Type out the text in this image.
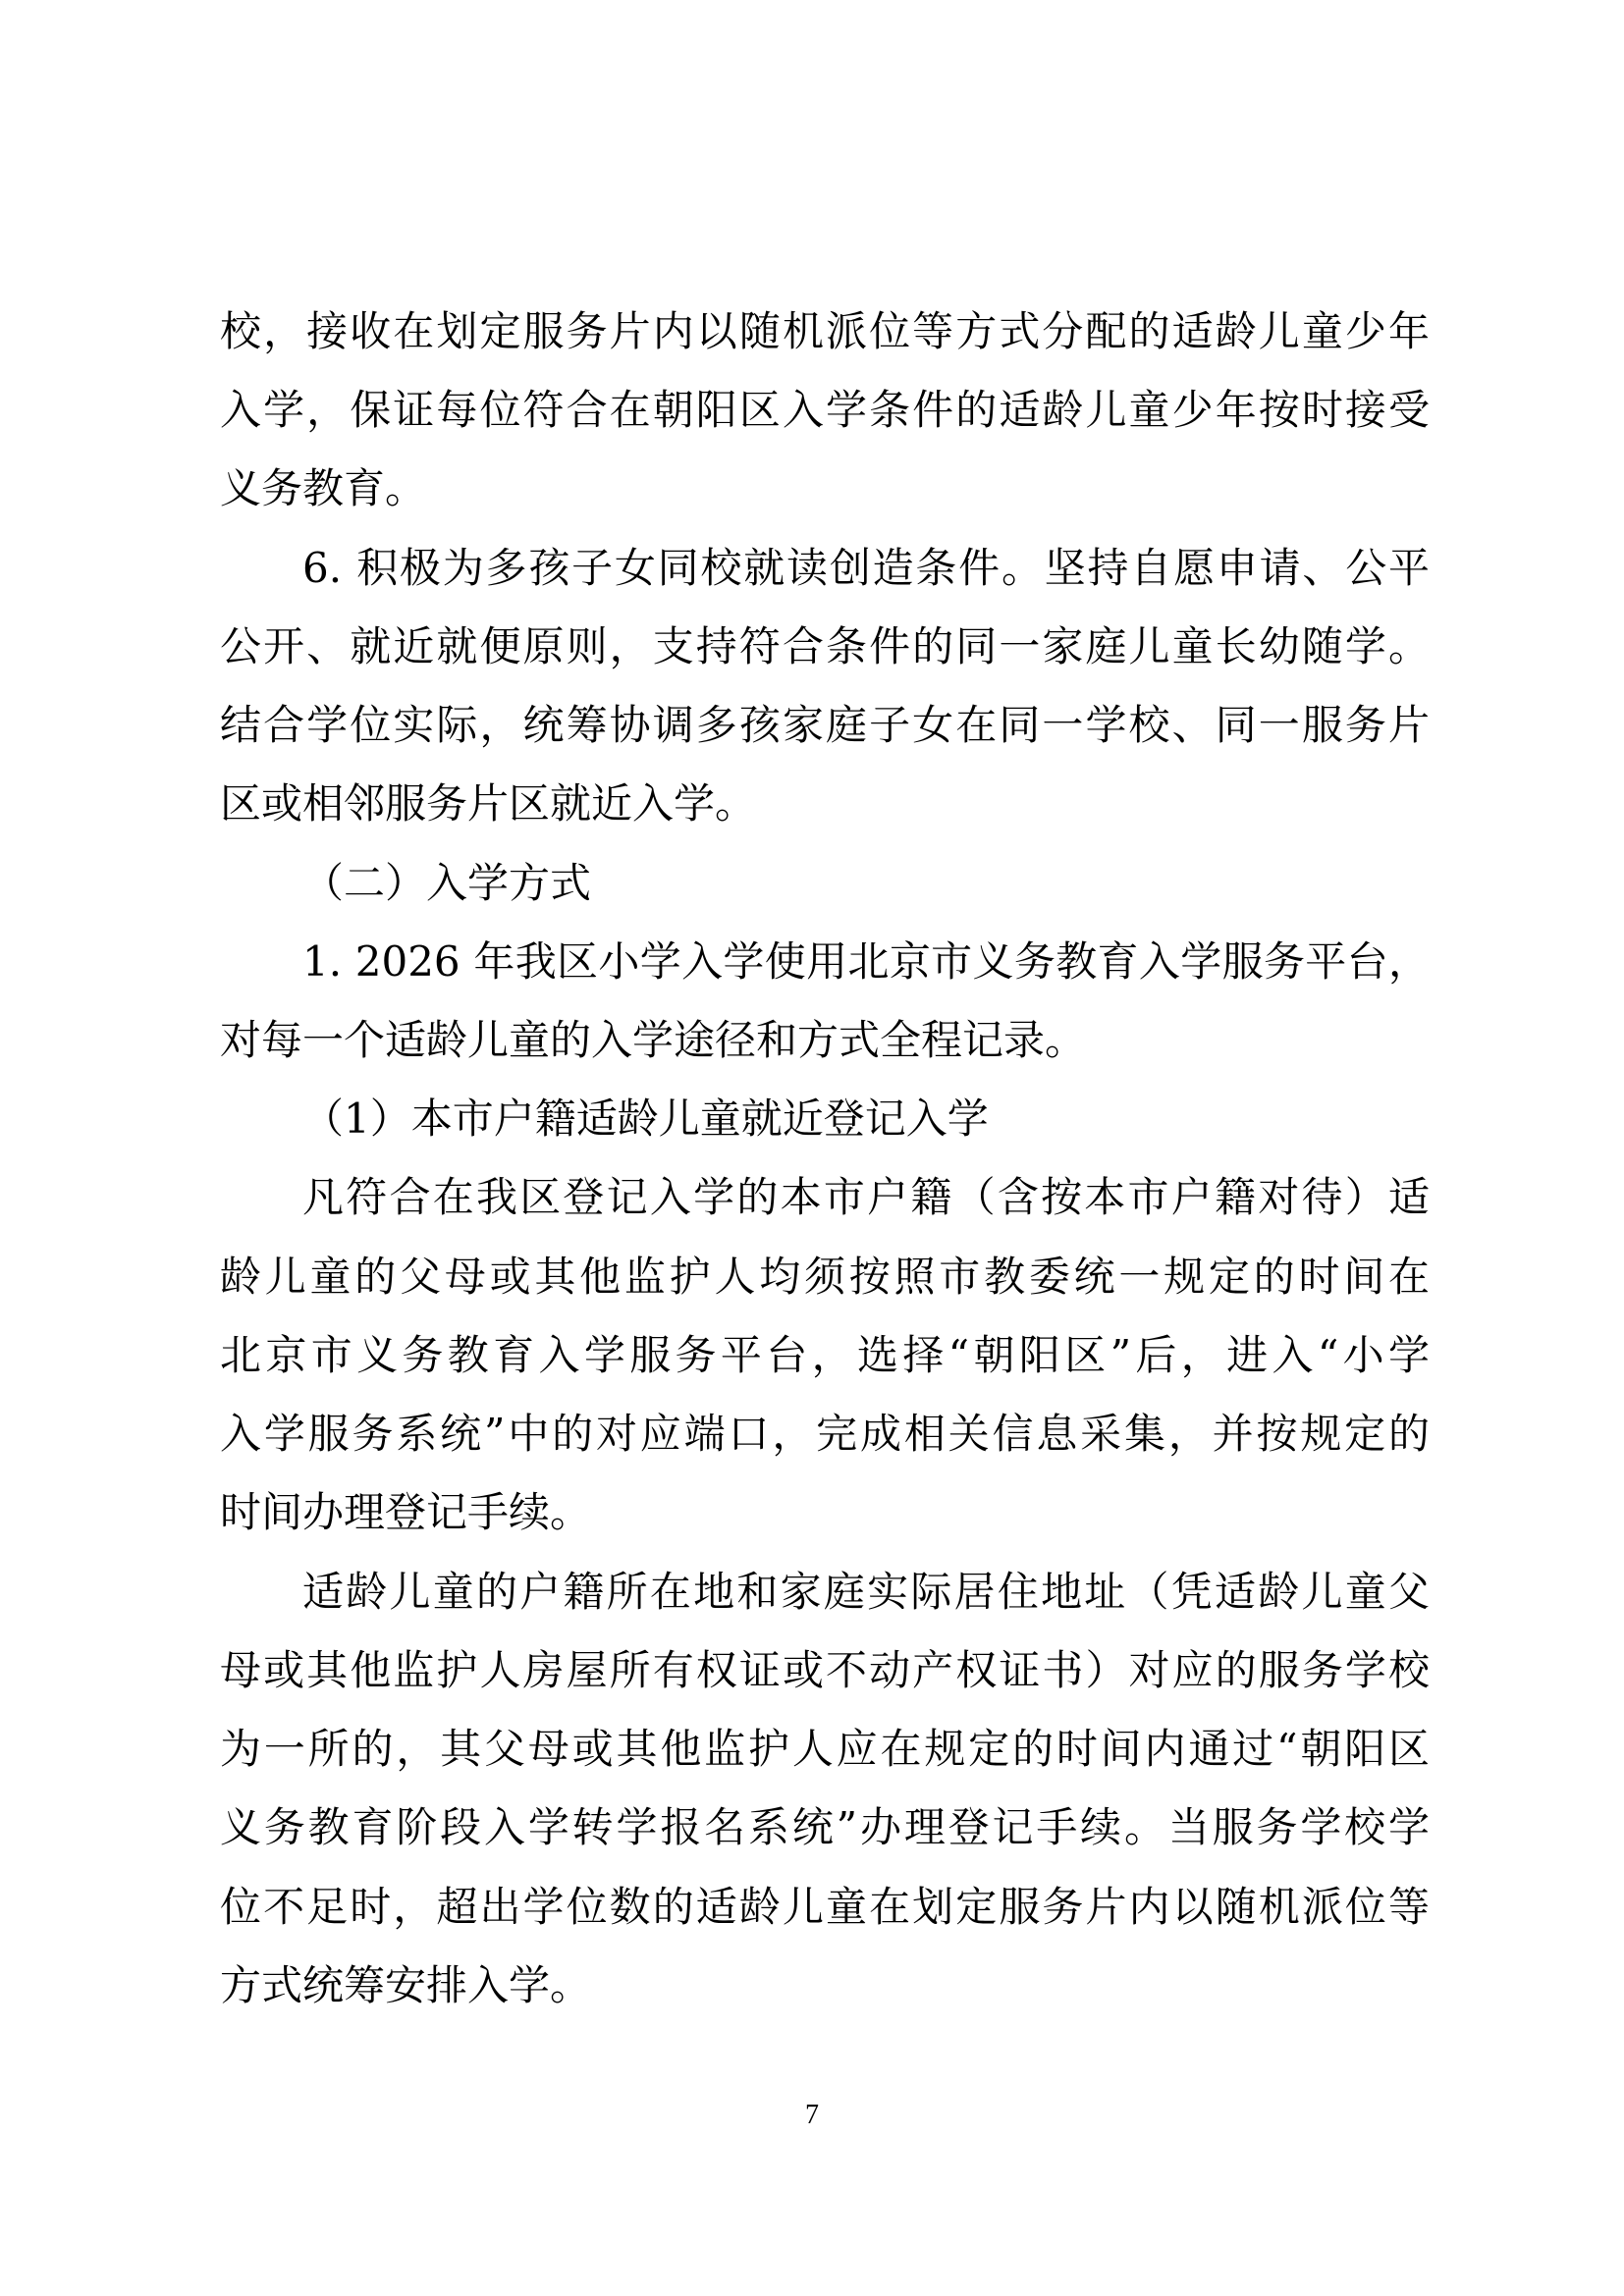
校，接收在划定服务片内以随机派位等方式分配的适龄儿童少年
入学，保证每位符合在朝阳区入学条件的适龄儿童少年按时接受
义务教育。
6. 积极为多孩子女同校就读创造条件。坚持自愿申请、公平
公开、就近就便原则，支持符合条件的同一家庭儿童长幼随学。
结合学位实际，统筹协调多孩家庭子女在同一学校、同一服务片
区或相邻服务片区就近入学。
（二）入学方式
1. 2026 年我区小学入学使用北京市义务教育入学服务平台，
对每一个适龄儿童的入学途径和方式全程记录。
（1）本市户籍适龄儿童就近登记入学
凡符合在我区登记入学的本市户籍（含按本市户籍对待）适
龄儿童的父母或其他监护人均须按照市教委统一规定的时间在
北京市义务教育入学服务平台，选择“朝阳区”后，进入“小学
入学服务系统”中的对应端口，完成相关信息采集，并按规定的
时间办理登记手续。
适龄儿童的户籍所在地和家庭实际居住地址（凭适龄儿童父
母或其他监护人房屋所有权证或不动产权证书）对应的服务学校
为一所的，其父母或其他监护人应在规定的时间内通过“朝阳区
义务教育阶段入学转学报名系统”办理登记手续。当服务学校学
位不足时，超出学位数的适龄儿童在划定服务片内以随机派位等
方式统筹安排入学。
7
